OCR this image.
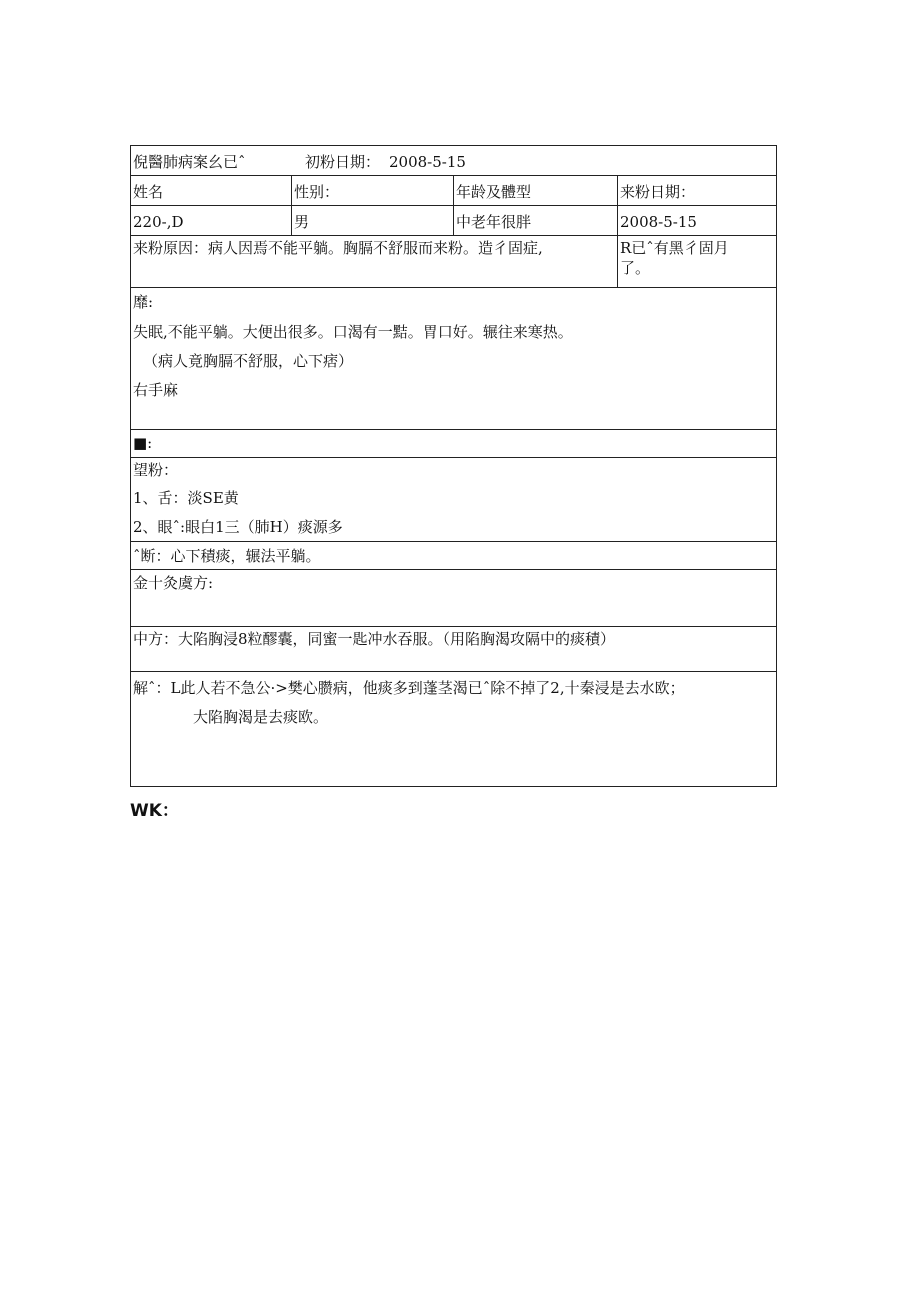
倪醫肺病案幺已ˆ	初粉日期： 2008-5-15
姓名	性别：	年龄及體型	来粉日期：
220-,D	男	中老年很胖	2008-5-15
来粉原因：病人因焉不能平躺。胸膈不舒服而来粉。造彳固症,	R已ˆ有黑彳固月
了。
靡:
失眠,不能平躺。大便出很多。口渴有一黠。胃口好。辗往来寒热。
（病人竟胸膈不舒服，心下痞）
右手麻
■:
望粉：
1、舌：淡SE黄
2、眼ˆ:眼白1三（肺H）痰源多
ˆ断：心下積痰，辗法平躺。
金十灸虞方:
中方：大陷胸浸8粒醪囊，同蜜一匙冲水吞服。（用陷胸渴攻隔中的痰積）
解ˆ：L此人若不急公·>樊心臜病，他痰多到蓬茎渴已ˆ除不掉了2,十秦浸是去水欧；
大陷胸渴是去痰欧。
WK：
